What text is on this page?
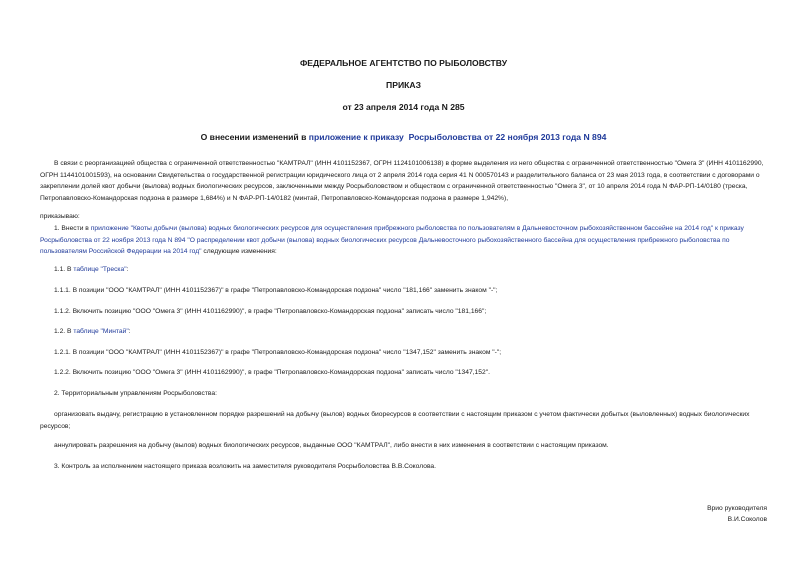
ФЕДЕРАЛЬНОЕ АГЕНТСТВО ПО РЫБОЛОВСТВУ
ПРИКАЗ
от 23 апреля 2014 года N 285
О внесении изменений в приложение к приказу Росрыболовства от 22 ноября 2013 года N 894
В связи с реорганизацией общества с ограниченной ответственностью "КАМТРАЛ" (ИНН 4101152367, ОГРН 1124101006138) в форме выделения из него общества с ограниченной ответственностью "Омега 3" (ИНН 4101162990, ОГРН 1144101001593), на основании Свидетельства о государственной регистрации юридического лица от 2 апреля 2014 года серия 41 N 000570143 и разделительного баланса от 23 мая 2013 года, в соответствии с договорами о закреплении долей квот добычи (вылова) водных биологических ресурсов, заключенными между Росрыболовством и обществом с ограниченной ответственностью "Омега 3", от 10 апреля 2014 года N ФАР-РП-14/0180 (треска, Петропавловско-Командорская подзона в размере 1,684%) и N ФАР-РП-14/0182 (минтай, Петропавловско-Командорская подзона в размере 1,942%),
приказываю:
1. Внести в приложение "Квоты добычи (вылова) водных биологических ресурсов для осуществления прибрежного рыболовства по пользователям в Дальневосточном рыбохозяйственном бассейне на 2014 год" к приказу Росрыболовства от 22 ноября 2013 года N 894 "О распределении квот добычи (вылова) водных биологических ресурсов Дальневосточного рыбохозяйственного бассейна для осуществления прибрежного рыболовства по пользователям Российской Федерации на 2014 год" следующие изменения:
1.1. В таблице "Треска":
1.1.1. В позиции "ООО "КАМТРАЛ" (ИНН 4101152367)" в графе "Петропавловско-Командорская подзона" число "181,166" заменить знаком "-";
1.1.2. Включить позицию "ООО "Омега 3" (ИНН 4101162990)", в графе "Петропавловско-Командорская подзона" записать число "181,166";
1.2. В таблице "Минтай":
1.2.1. В позиции "ООО "КАМТРАЛ" (ИНН 4101152367)" в графе "Петропавловско-Командорская подзона" число "1347,152" заменить знаком "-";
1.2.2. Включить позицию "ООО "Омега 3" (ИНН 4101162990)", в графе "Петропавловско-Командорская подзона" записать число "1347,152".
2. Территориальным управлениям Росрыболовства:
организовать выдачу, регистрацию в установленном порядке разрешений на добычу (вылов) водных биоресурсов в соответствии с настоящим приказом с учетом фактически добытых (выловленных) водных биологических ресурсов;
аннулировать разрешения на добычу (вылов) водных биологических ресурсов, выданные ООО "КАМТРАЛ", либо внести в них изменения в соответствии с настоящим приказом.
3. Контроль за исполнением настоящего приказа возложить на заместителя руководителя Росрыболовства В.В.Соколова.
Врио руководителя
В.И.Соколов
